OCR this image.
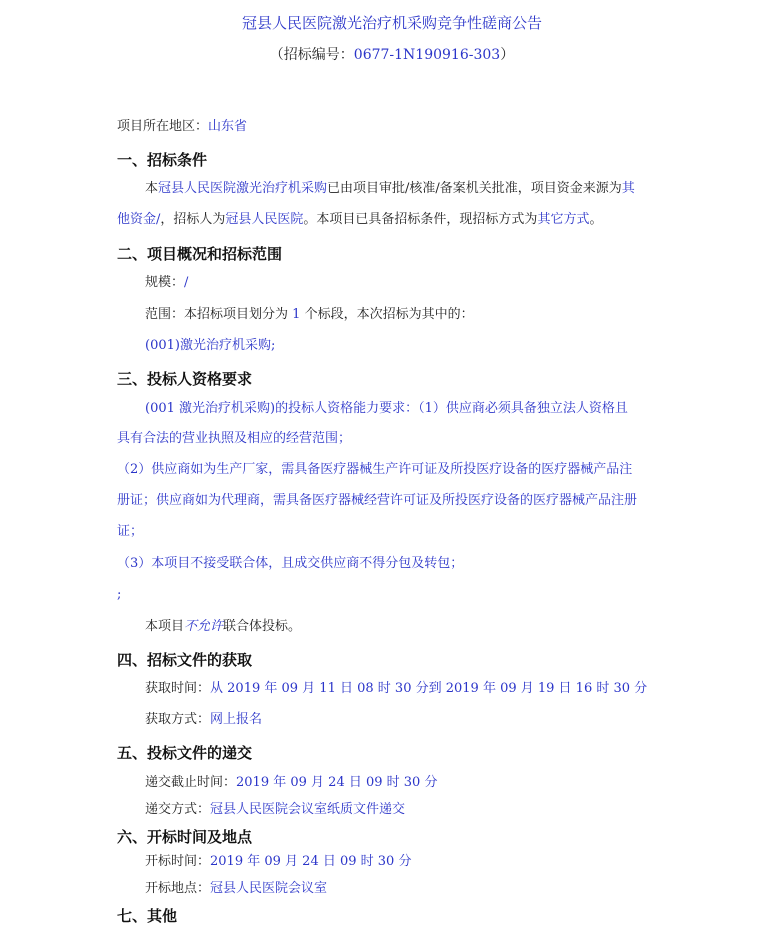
冠县人民医院激光治疗机采购竞争性磋商公告
（招标编号：0677-1N190916-303）
项目所在地区：山东省
一、招标条件
本冠县人民医院激光治疗机采购已由项目审批/核准/备案机关批准，项目资金来源为其
他资金/，招标人为冠县人民医院。本项目已具备招标条件，现招标方式为其它方式。
二、项目概况和招标范围
规模：/
范围：本招标项目划分为 1 个标段，本次招标为其中的：
(001)激光治疗机采购;
三、投标人资格要求
(001 激光治疗机采购)的投标人资格能力要求：（1）供应商必须具备独立法人资格且
具有合法的营业执照及相应的经营范围；
（2）供应商如为生产厂家，需具备医疗器械生产许可证及所投医疗设备的医疗器械产品注
册证；供应商如为代理商，需具备医疗器械经营许可证及所投医疗设备的医疗器械产品注册
证；
（3）本项目不接受联合体，且成交供应商不得分包及转包；
;
本项目不允许联合体投标。
四、招标文件的获取
获取时间：从 2019 年 09 月 11 日 08 时 30 分到 2019 年 09 月 19 日 16 时 30 分
获取方式：网上报名
五、投标文件的递交
递交截止时间：2019 年 09 月 24 日 09 时 30 分
递交方式：冠县人民医院会议室纸质文件递交
六、开标时间及地点
开标时间：2019 年 09 月 24 日 09 时 30 分
开标地点：冠县人民医院会议室
七、其他
